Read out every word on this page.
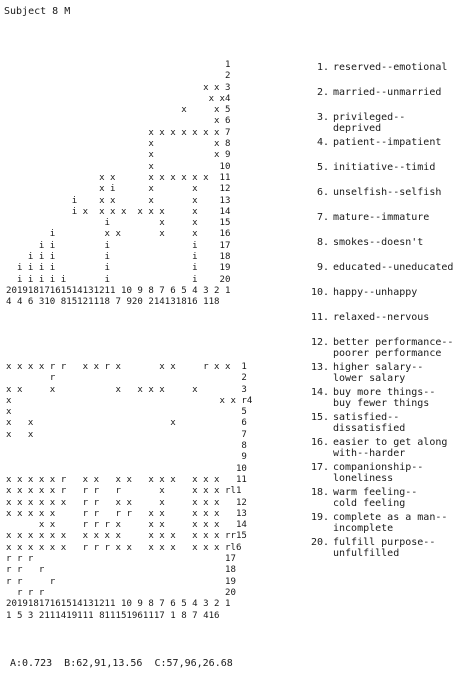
Subject 8 M
1
2
x x 3
x x4
x     x 5
x 6
x x x x x x x 7
x           x 8
x           x 9
x            10
x x      x x x x x x  11
x i      x       x    12
i    x x      x       x    13
i x  x x x  x x x     x    14
i         x     x    15
i         x x       x     x    16
i i         i               i    17
i i i         i               i    18
i i i i         i               i    19
i i i i i       i               i    20
20191817161514131211 10 9 8 7 6 5 4 3 2 1
4 4 6 310 815121118 7 920 214131816 118

x x x x r r   x x r x       x x     r x x  1
r                                  2
x x     x           x   x x x     x        3
x                                      x x r4
x                                          5
x   x                         x            6
x   x                                      7
8
9
10
x x x x x r   x x   x x   x x x   x x x   11
x x x x x r   r r   r       x     x x x rl1
x x x x x x   r r   x x     x     x x x   12
x x x x x     r r   r r   x x     x x x   13
x x     r r r x     x x     x x x   14
x x x x x x   x x x x     x x x   x x x rr15
x x x x x x   r r r x x   x x x   x x x rl6
r r r                                   17
r r   r                                 18
r r     r                               19
r r r                                 20
20191817161514131211 10 9 8 7 6 5 4 3 2 1
1 5 3 2111419111 811151961117 1 8 7 416

1. reserved--emotional
2. married--unmarried
3. privileged--
deprived
4. patient--impatient
5. initiative--timid
6. unselfish--selfish
7. mature--immature
8. smokes--doesn't
9. educated--uneducated
10. happy--unhappy
11. relaxed--nervous
12. better performance--
poorer performance
13. higher salary--
lower salary
14. buy more things--
buy fewer things
15. satisfied--
dissatisfied
16. easier to get along
with--harder
17. companionship--
loneliness
18. warm feeling--
cold feeling
19. complete as a man--
incomplete
20. fulfill purpose--
unfulfilled
A:0.723  B:62,91,13.56  C:57,96,26.68
